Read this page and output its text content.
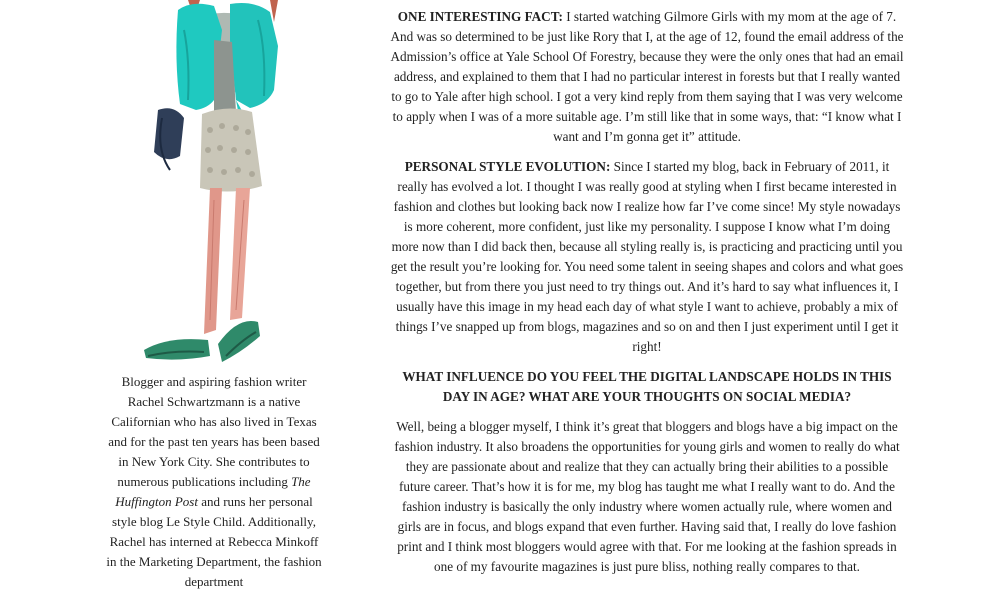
Blogger and aspiring fashion writer Rachel Schwartzmann is a native Californian who has also lived in Texas and for the past ten years has been based in New York City. She contributes to numerous publications including The Huffington Post and runs her personal style blog Le Style Child. Additionally, Rachel has interned at Rebecca Minkoff in the Marketing Department, the fashion department

ONE INTERESTING FACT: I started watching Gilmore Girls with my mom at the age of 7. And was so determined to be just like Rory that I, at the age of 12, found the email address of the Admission’s office at Yale School Of Forestry, because they were the only ones that had an email address, and explained to them that I had no particular interest in forests but that I really wanted to go to Yale after high school. I got a very kind reply from them saying that I was very welcome to apply when I was of a more suitable age. I’m still like that in some ways, that: “I know what I want and I’m gonna get it” attitude.

PERSONAL STYLE EVOLUTION: Since I started my blog, back in February of 2011, it really has evolved a lot. I thought I was really good at styling when I first became interested in fashion and clothes but looking back now I realize how far I’ve come since! My style nowadays is more coherent, more confident, just like my personality. I suppose I know what I’m doing more now than I did back then, because all styling really is, is practicing and practicing until you get the result you’re looking for. You need some talent in seeing shapes and colors and what goes together, but from there you just need to try things out. And it’s hard to say what influences it, I usually have this image in my head each day of what style I want to achieve, probably a mix of things I’ve snapped up from blogs, magazines and so on and then I just experiment until I get it right!

WHAT INFLUENCE DO YOU FEEL THE DIGITAL LANDSCAPE HOLDS IN THIS DAY IN AGE? WHAT ARE YOUR THOUGHTS ON SOCIAL MEDIA?

Well, being a blogger myself, I think it’s great that bloggers and blogs have a big impact on the fashion industry. It also broadens the opportunities for young girls and women to really do what they are passionate about and realize that they can actually bring their abilities to a possible future career. That’s how it is for me, my blog has taught me what I really want to do. And the fashion industry is basically the only industry where women actually rule, where women and girls are in focus, and blogs expand that even further. Having said that, I really do love fashion print and I think most bloggers would agree with that. For me looking at the fashion spreads in one of my favourite magazines is just pure bliss, nothing really compares to that.
